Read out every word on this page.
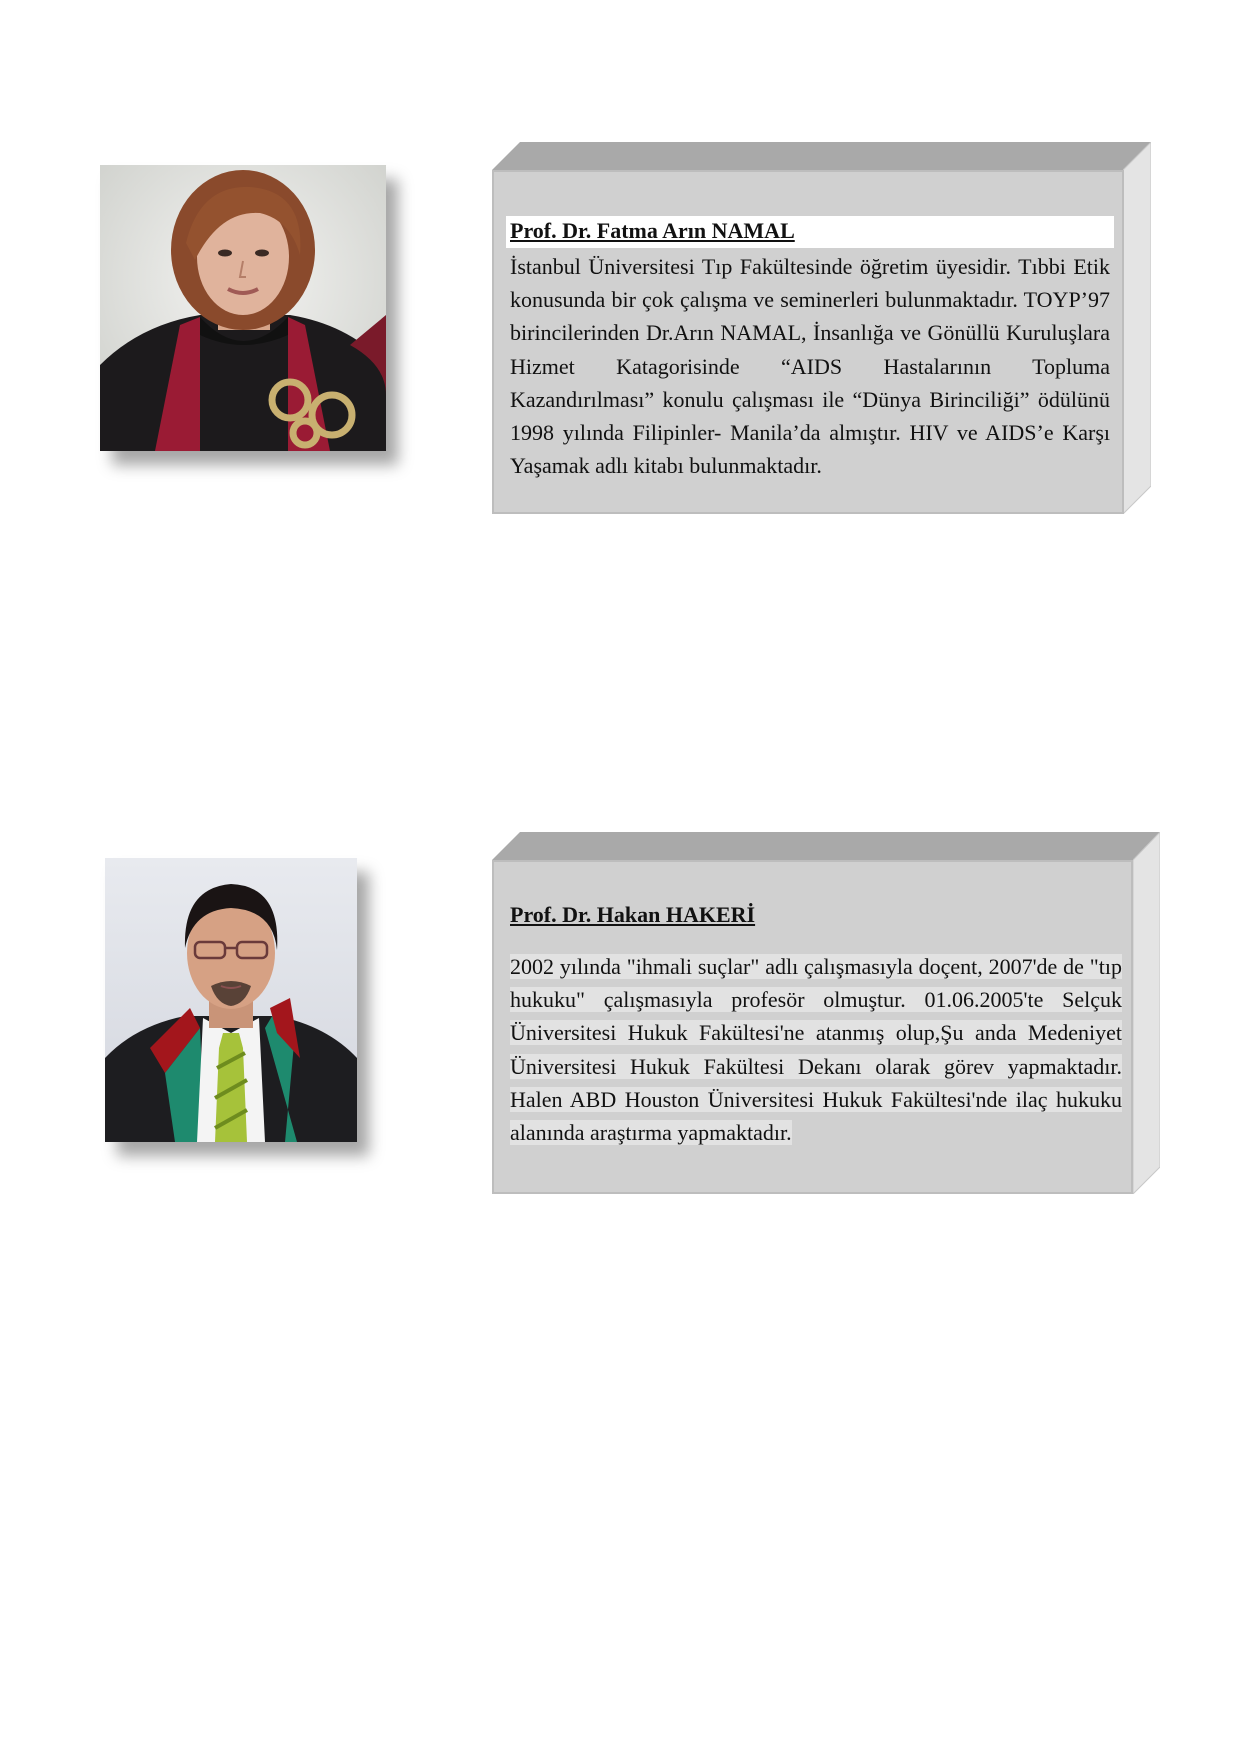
Prof. Dr. Fatma Arın NAMAL
İstanbul Üniversitesi Tıp Fakültesinde öğretim üyesidir. Tıbbi Etik konusunda bir çok çalışma ve seminerleri bulunmaktadır. TOYP’97 birincilerinden Dr.Arın NAMAL, İnsanlığa ve Gönüllü Kuruluşlara Hizmet Katagorisinde “AIDS Hastalarının Topluma Kazandırılması” konulu çalışması ile “Dünya Birinciliği” ödülünü 1998 yılında Filipinler- Manila’da almıştır. HIV ve AIDS’e Karşı Yaşamak adlı kitabı bulunmaktadır.
Prof. Dr. Hakan HAKERİ
2002 yılında "ihmali suçlar" adlı çalışmasıyla doçent, 2007'de de "tıp hukuku" çalışmasıyla profesör olmuştur. 01.06.2005'te Selçuk Üniversitesi Hukuk Fakültesi'ne atanmış olup,Şu anda Medeniyet Üniversitesi Hukuk Fakültesi Dekanı olarak görev yapmaktadır. Halen ABD Houston Üniversitesi Hukuk Fakültesi'nde ilaç hukuku alanında araştırma yapmaktadır.
